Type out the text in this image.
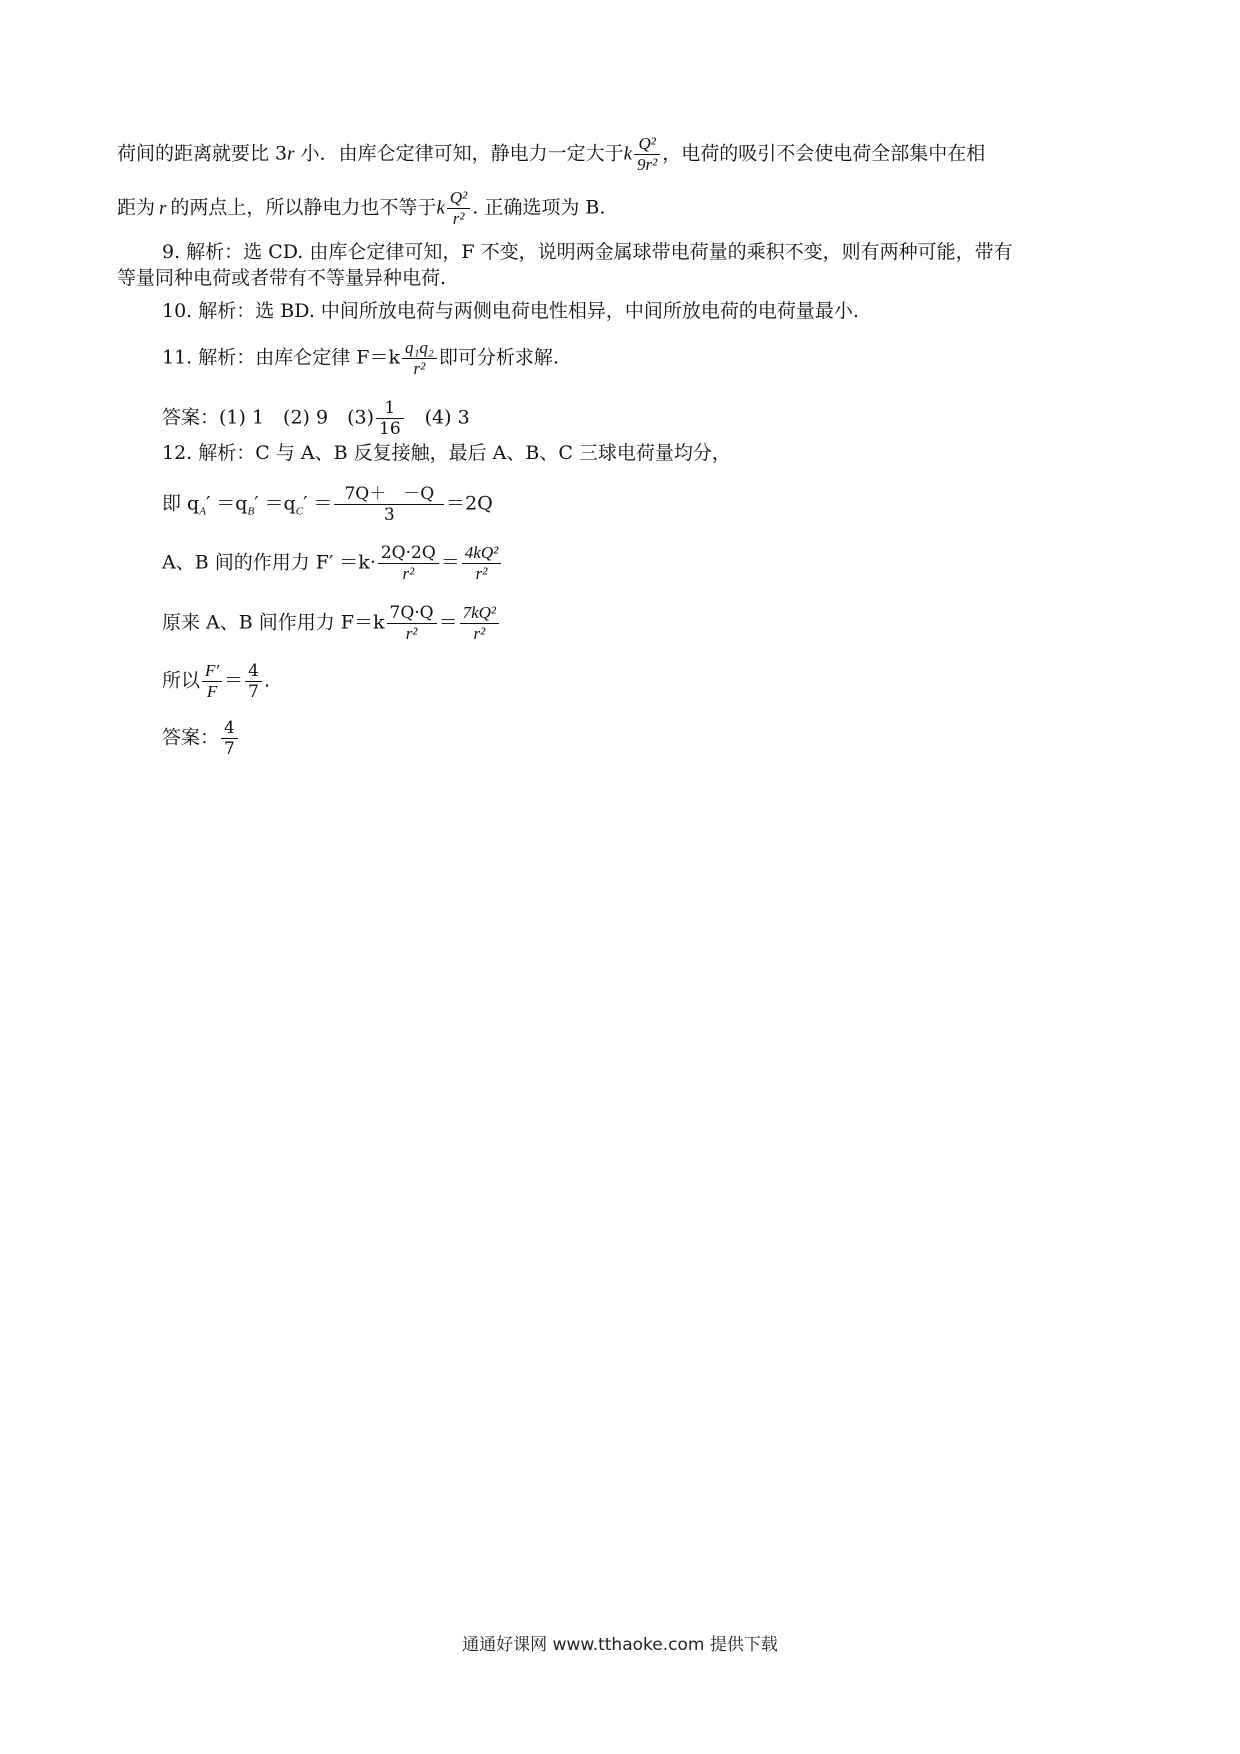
荷间的距离就要比 3r 小．由库仑定律可知，静电力一定大于k $\frac{\text{Q²}}{\text{9r²}}$ ，电荷的吸引不会使电荷全部集中在相
距为 r 的两点上，所以静电力也不等于k $\frac{\text{Q²}}{\text{r²}}$ . 正确选项为 B.
9. 解析：选 CD. 由库仑定律可知，F 不变，说明两金属球带电荷量的乘积不变，则有两种可能，带有
等量同种电荷或者带有不等量异种电荷.
10. 解析：选 BD. 中间所放电荷与两侧电荷电性相异，中间所放电荷的电荷量最小.
11. 解析：由库仑定律 $F=k \frac{\text{q₁q₂}}{\text{r²}}$ 即可分析求解.
答案：(1) 1　(2) 9　$(3) \frac{1}{16}$ 　(4) 3
12. 解析：C 与 A、B 反复接触，最后 A、B、C 三球电荷量均分，
即 $q_A' =q_B' =q_C' = \frac{7Q+ -Q}{3} =2Q$
A、B 间的作用力 $F' =k\cdot \frac{2Q\cdot 2Q}{\text{r²}} = \frac{\text{4kQ²}}{\text{r²}}$
原来 A、B 间作用力 $F=k \frac{7Q\cdot Q}{\text{r²}} = \frac{\text{7kQ²}}{\text{r²}}$
所以 $\frac{F'}{F} = \frac{4}{7}$ .
答案： $\frac{4}{7}$
通通好课网 www.tthaoke.com 提供下载
